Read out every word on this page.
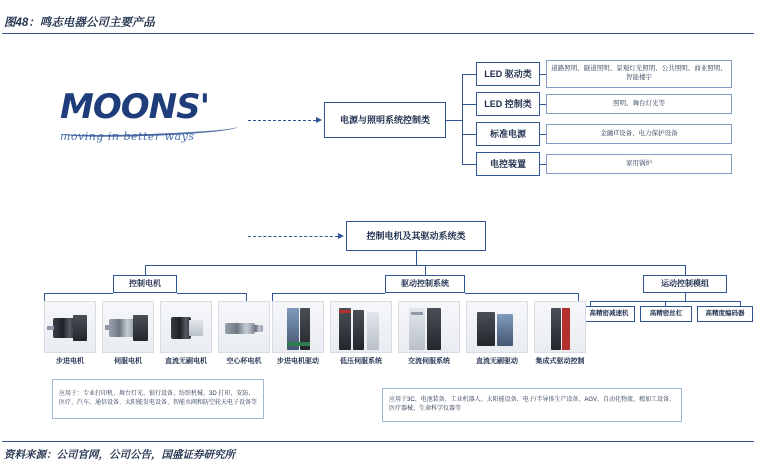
图48：鸣志电器公司主要产品
资料来源：公司官网，公司公告，国盛证券研究所
MOONS'
moving in better ways
电源与照明系统控制类
LED 驱动类
LED 控制类
标准电源
电控装置
道路照明、隧道照明、景观灯光照明、公共照明、商业照明、智能楼宇
照明、舞台灯光等
金融IT设备、电力保护设备
家用锅炉
控制电机及其驱动系统类
控制电机	驱动控制系统	运动控制模组
高精密减速机	高精密丝杠	高精度编码器
步进电机	伺服电机	直流无刷电机	空心杯电机	步进电机驱动	低压伺服系统	交流伺服系统	直流无刷驱动	集成式驱动控制
应用于：专业打印机、舞台灯光、银行设备、纺织机械、3D 打印、安防、医疗、汽车、通信设备、太阳能发电设备、智能水阀和防空轮天电子设备等	应用于3C、电池装备、工业机器人、太阳能设备、电子/半导体生产设备、AGV、自动化物流、精加工设备、医疗器械、生命科学仪器等
